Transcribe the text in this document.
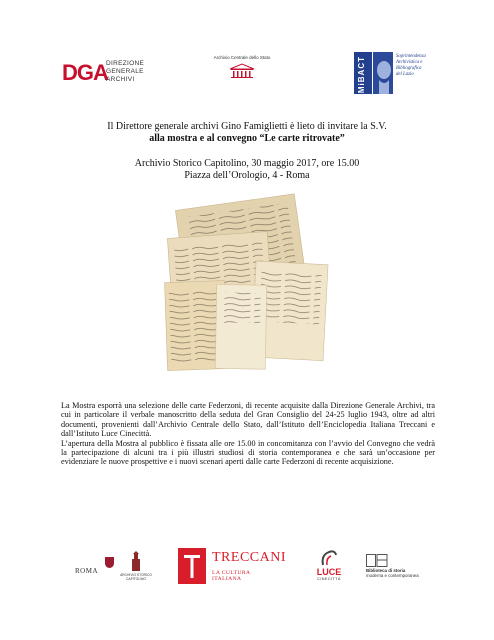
DGA
DIREZIONE
GENERALE
ARCHIVI
Archivio Centrale dello Stato	MiBACT	Soprintendenza
Archivistica e
Bibliografica
del Lazio
Il Direttore generale archivi Gino Famiglietti è lieto di invitare la S.V.
alla mostra e al convegno “Le carte ritrovate”
Archivio Storico Capitolino, 30 maggio 2017, ore 15.00
Piazza dell’Orologio, 4 - Roma

La Mostra esporrà una selezione delle carte Federzoni, di recente acquisite dalla Direzione Generale Archivi, tra cui in particolare il verbale manoscritto della seduta del Gran Consiglio del 24-25 luglio 1943, oltre ad altri documenti, provenienti dall’Archivio Centrale dello Stato, dall’Istituto dell’Enciclopedia Italiana Treccani e dall’Istituto Luce Cinecittà.

L’apertura della Mostra al pubblico è fissata alle ore 15.00 in concomitanza con l’avvio del Convegno che vedrà la partecipazione di alcuni tra i più illustri studiosi di storia contemporanea e che sarà un’occasione per evidenziare le nuove prospettive e i nuovi scenari aperti dalle carte Federzoni di recente acquisizione.

ROMA	ARCHIVIO STORICO
CAPITOLINO
TRECCANI
LA CULTURA ITALIANA
LUCE
CINECITTÀ
Biblioteca di storia
moderna e contemporanea
